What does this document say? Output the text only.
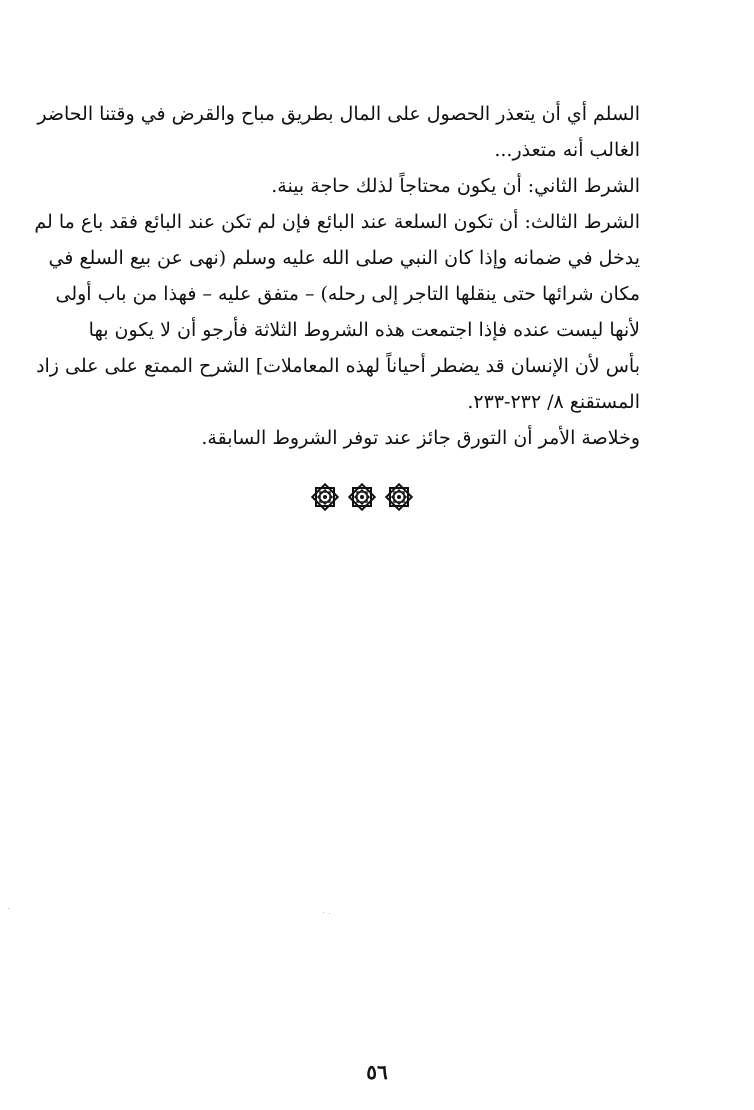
السلم أي أن يتعذر الحصول على المال بطريق مباح والقرض في وقتنا الحاضر
الغالب أنه متعذر...
الشرط الثاني: أن يكون محتاجاً لذلك حاجة بينة.
الشرط الثالث: أن تكون السلعة عند البائع فإن لم تكن عند البائع فقد باع ما لم
يدخل في ضمانه وإذا كان النبي صلى الله عليه وسلم (نهى عن بيع السلع في
مكان شرائها حتى ينقلها التاجر إلى رحله) – متفق عليه – فهذا من باب أولى
لأنها ليست عنده فإذا اجتمعت هذه الشروط الثلاثة فأرجو أن لا يكون بها
بأس لأن الإنسان قد يضطر أحياناً لهذه المعاملات] الشرح الممتع على على زاد
المستقنع ٨/ ٢٣٢-٢٣٣.
وخلاصة الأمر أن التورق جائز عند توفر الشروط السابقة.
٥٦
